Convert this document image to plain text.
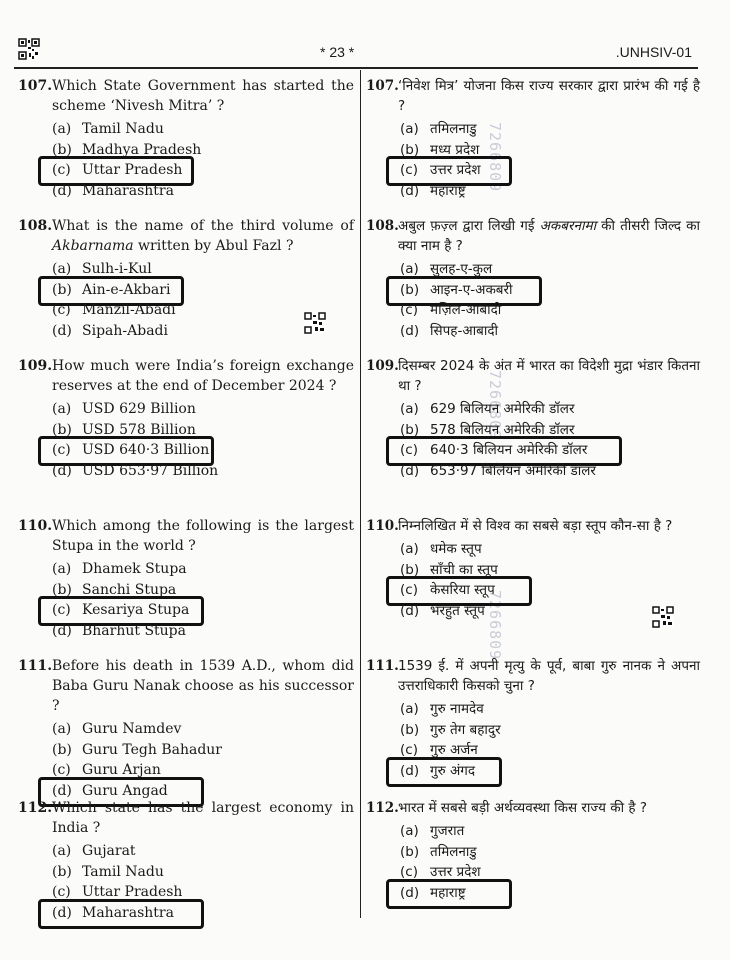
* 23 *	.UNHSIV-01
7266809
7266809
7266809
107. Which State Government has started the scheme ‘Nivesh Mitra’ ?
(a) Tamil Nadu
(b) Madhya Pradesh
(c) Uttar Pradesh
(d) Maharashtra
107. ‘निवेश मित्र’ योजना किस राज्य सरकार द्वारा प्रारंभ की गई है ?
(a) तमिलनाडु
(b) मध्य प्रदेश
(c) उत्तर प्रदेश
(d) महाराष्ट्र
108. What is the name of the third volume of Akbarnama written by Abul Fazl ?
(a) Sulh-i-Kul
(b) Ain-e-Akbari
(c) Manzil-Abadi
(d) Sipah-Abadi
108. अबुल फ़ज़्ल द्वारा लिखी गई अकबरनामा की तीसरी जिल्द का क्या नाम है ?
(a) सुलह-ए-कुल
(b) आइन-ए-अकबरी
(c) मंज़िल-आबादी
(d) सिपह-आबादी
109. How much were India’s foreign exchange reserves at the end of December 2024 ?
(a) USD 629 Billion
(b) USD 578 Billion
(c) USD 640·3 Billion
(d) USD 653·97 Billion
109. दिसम्बर 2024 के अंत में भारत का विदेशी मुद्रा भंडार कितना था ?
(a) 629 बिलियन अमेरिकी डॉलर
(b) 578 बिलियन अमेरिकी डॉलर
(c) 640·3 बिलियन अमेरिकी डॉलर
(d) 653·97 बिलियन अमेरिकी डॉलर
110. Which among the following is the largest Stupa in the world ?
(a) Dhamek Stupa
(b) Sanchi Stupa
(c) Kesariya Stupa
(d) Bharhut Stupa
110. निम्नलिखित में से विश्व का सबसे बड़ा स्तूप कौन-सा है ?
(a) धमेक स्तूप
(b) साँची का स्तूप
(c) केसरिया स्तूप
(d) भरहुत स्तूप
111. Before his death in 1539 A.D., whom did Baba Guru Nanak choose as his successor ?
(a) Guru Namdev
(b) Guru Tegh Bahadur
(c) Guru Arjan
(d) Guru Angad
111. 1539 ई. में अपनी मृत्यु के पूर्व, बाबा गुरु नानक ने अपना उत्तराधिकारी किसको चुना ?
(a) गुरु नामदेव
(b) गुरु तेग बहादुर
(c) गुरु अर्जन
(d) गुरु अंगद
112. Which state has the largest economy in India ?
(a) Gujarat
(b) Tamil Nadu
(c) Uttar Pradesh
(d) Maharashtra
112. भारत में सबसे बड़ी अर्थव्यवस्था किस राज्य की है ?
(a) गुजरात
(b) तमिलनाडु
(c) उत्तर प्रदेश
(d) महाराष्ट्र
